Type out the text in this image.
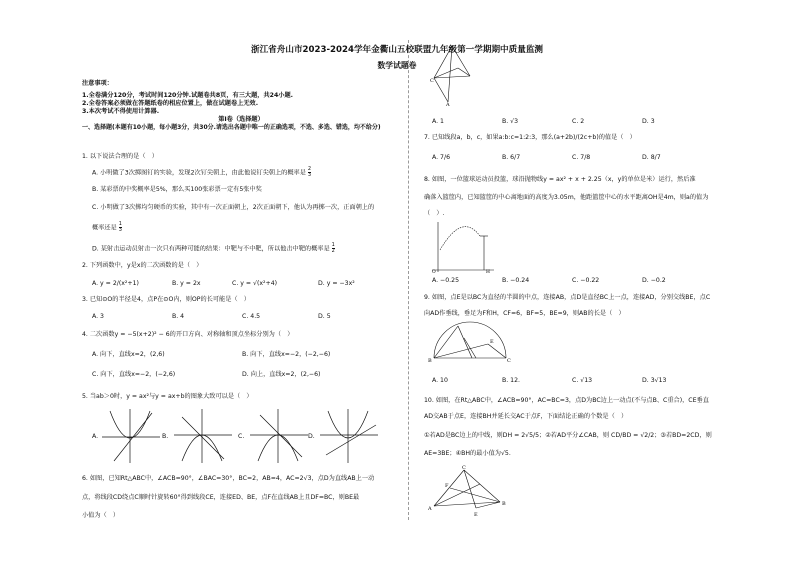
浙江省舟山市2023-2024学年金衢山五校联盟九年级第一学期期中质量监测
数学试题卷
注意事项：
1.全卷满分120分，考试时间120分钟.试题卷共8页，有三大题，共24小题.
2.全卷答案必须做在答题纸卷的相应位置上，做在试题卷上无效.
3.本次考试不得使用计算器.
第Ⅰ卷（选择题）
一、选择题(本题有10小题，每小题3分，共30分.请选出各题中唯一的正确选项，不选、多选、错选，均不给分)
1. 以下说法合理的是（　）
A. 小明做了3次掷图钉的实验，发现2次钉尖朝上，由此他说钉尖朝上的概率是 $\frac{2}{3}$
B. 某彩票的中奖概率是5%，那么买100张彩票一定有5张中奖
C. 小明做了3次掷均匀硬币的实验，其中有一次正面朝上，2次正面朝下，他认为再掷一次，正面朝上的
概率还是 $\frac{1}{3}$
D. 某射击运动员射击一次只有两种可能的结果：中靶与不中靶，所以他击中靶的概率是 $\frac{1}{2}$
2. 下列函数中，y是x的二次函数的是（　）
A. y = 2/(x²+1)	B. y = 2x	C. y = √(x²+4)	D. y = −3x²
3. 已知⊙O的半径是4，点P在⊙O内，则OP的长可能是（　）
A. 3	B. 4	C. 4.5	D. 5
4. 二次函数y = −5(x+2)² − 6的开口方向、对称轴和顶点坐标分别为（　）
A. 向下，直线x=2，(2,6)	B. 向下，直线x=−2，(−2,−6)
C. 向下，直线x=−2，(−2,6)	D. 向上，直线x=2，(2,−6)
5. 当ab＞0时，y = ax²与y = ax+b的图象大致可以是（　）
A.	B.	C.	D.
6. 如图，已知Rt△ABC中，∠ACB=90°，∠BAC=30°，BC=2，AB=4，AC=2√3，点D为直线AB上一动
点，将线段CD绕点C顺时针旋转60°得到线段CE，连接ED、BE，点F在直线AB上且DF=BC，则BE最
小值为（　）
C
A
A. 1	B. √3	C. 2	D. 3
7. 已知线段a，b，c，如果a:b:c=1:2:3，那么(a+2b)/(2c+b)的值是（　）
A. 7/6	B. 6/7	C. 7/8	D. 8/7
8. 如图，一位篮球运动员投篮，球沿抛物线y = ax² + x + 2.25（x，y的单位是米）运行，然后准
确落入篮筐内，已知篮筐的中心离地面的高度为3.05m，他距篮筐中心的水平距离OH是4m，则a的值为
（　）.
O	H
A. −0.25	B. −0.24	C. −0.22	D. −0.2
9. 如图，点E是以BC为直径的半圆的中点，连接AB，点D是直径BC上一点，连接AD，分别交线BE，点C
向AD作垂线，垂足为F和H，CF=6，BF=5，BE=9，则AB的长是（　）
B	C
E
A. 10	B. 12.	C. √13	D. 3√13
10. 如图，在Rt△ABC中，∠ACB=90°，AC=BC=3，点D为BC边上一动点(不与点B、C重合)，CE垂直
AD交AB于点E，连接BH并延长交AC于点F，下面结论正确的个数是（　）
①若AD是BC边上的中线，则DH = 2√5/5；②若AD平分∠CAB，则 CD/BD = √2/2；③若BD=2CD，则
AE=3BE；④BH的最小值为√5.
A
C
B
E
F
